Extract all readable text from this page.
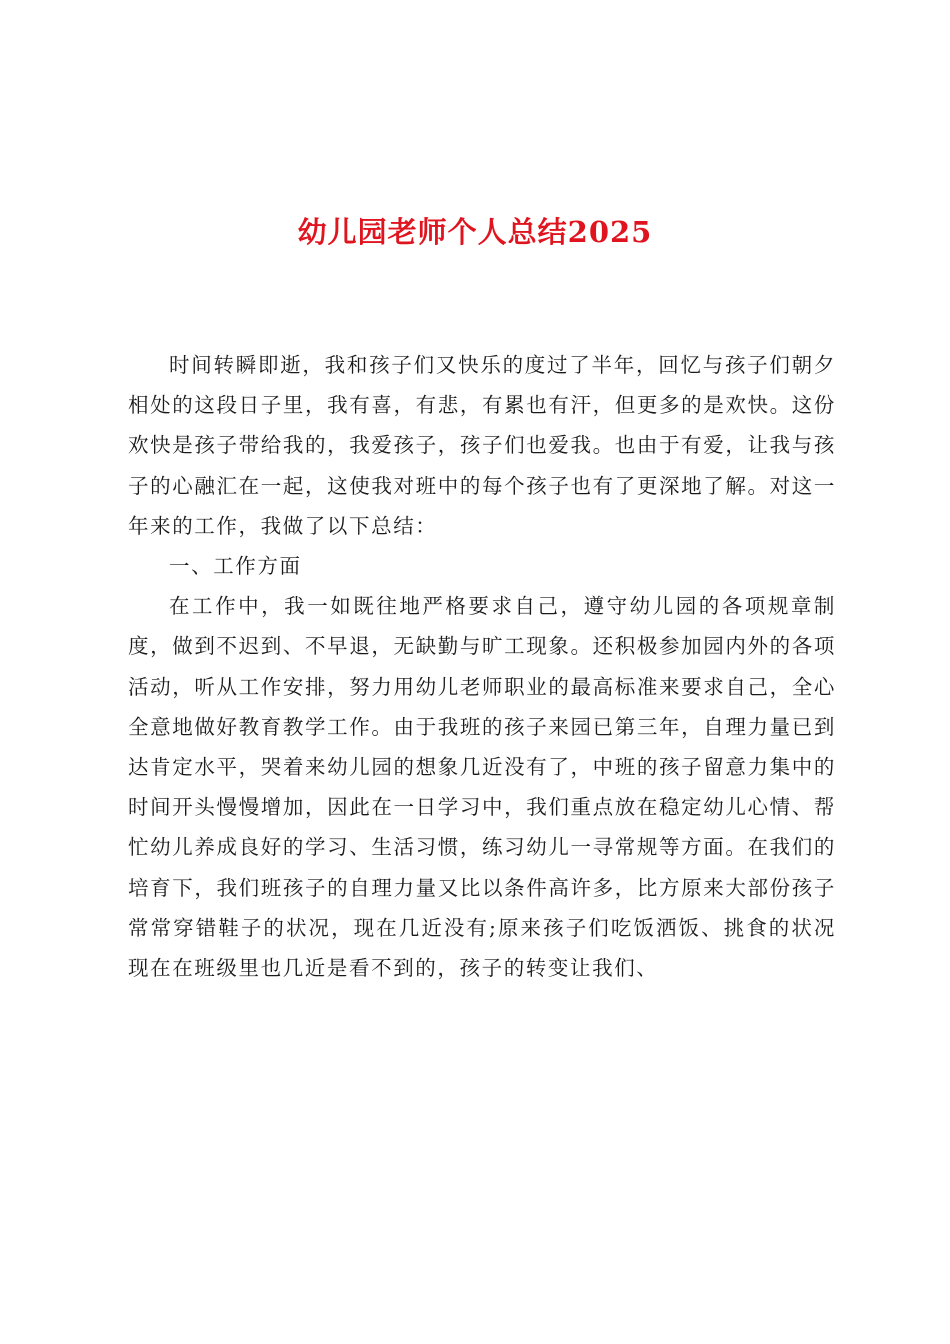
幼儿园老师个人总结2025

时间转瞬即逝，我和孩子们又快乐的度过了半年，回忆与孩子们朝夕相处的这段日子里，我有喜，有悲，有累也有汗，但更多的是欢快。这份欢快是孩子带给我的，我爱孩子，孩子们也爱我。也由于有爱，让我与孩子的心融汇在一起，这使我对班中的每个孩子也有了更深地了解。对这一年来的工作，我做了以下总结：

一、工作方面

在工作中，我一如既往地严格要求自己，遵守幼儿园的各项规章制度，做到不迟到、不早退，无缺勤与旷工现象。还积极参加园内外的各项活动，听从工作安排，努力用幼儿老师职业的最高标准来要求自己，全心全意地做好教育教学工作。由于我班的孩子来园已第三年，自理力量已到达肯定水平，哭着来幼儿园的想象几近没有了，中班的孩子留意力集中的时间开头慢慢增加，因此在一日学习中，我们重点放在稳定幼儿心情、帮忙幼儿养成良好的学习、生活习惯，练习幼儿一寻常规等方面。在我们的培育下，我们班孩子的自理力量又比以条件高许多，比方原来大部份孩子常常穿错鞋子的状况，现在几近没有;原来孩子们吃饭洒饭、挑食的状况现在在班级里也几近是看不到的，孩子的转变让我们、
